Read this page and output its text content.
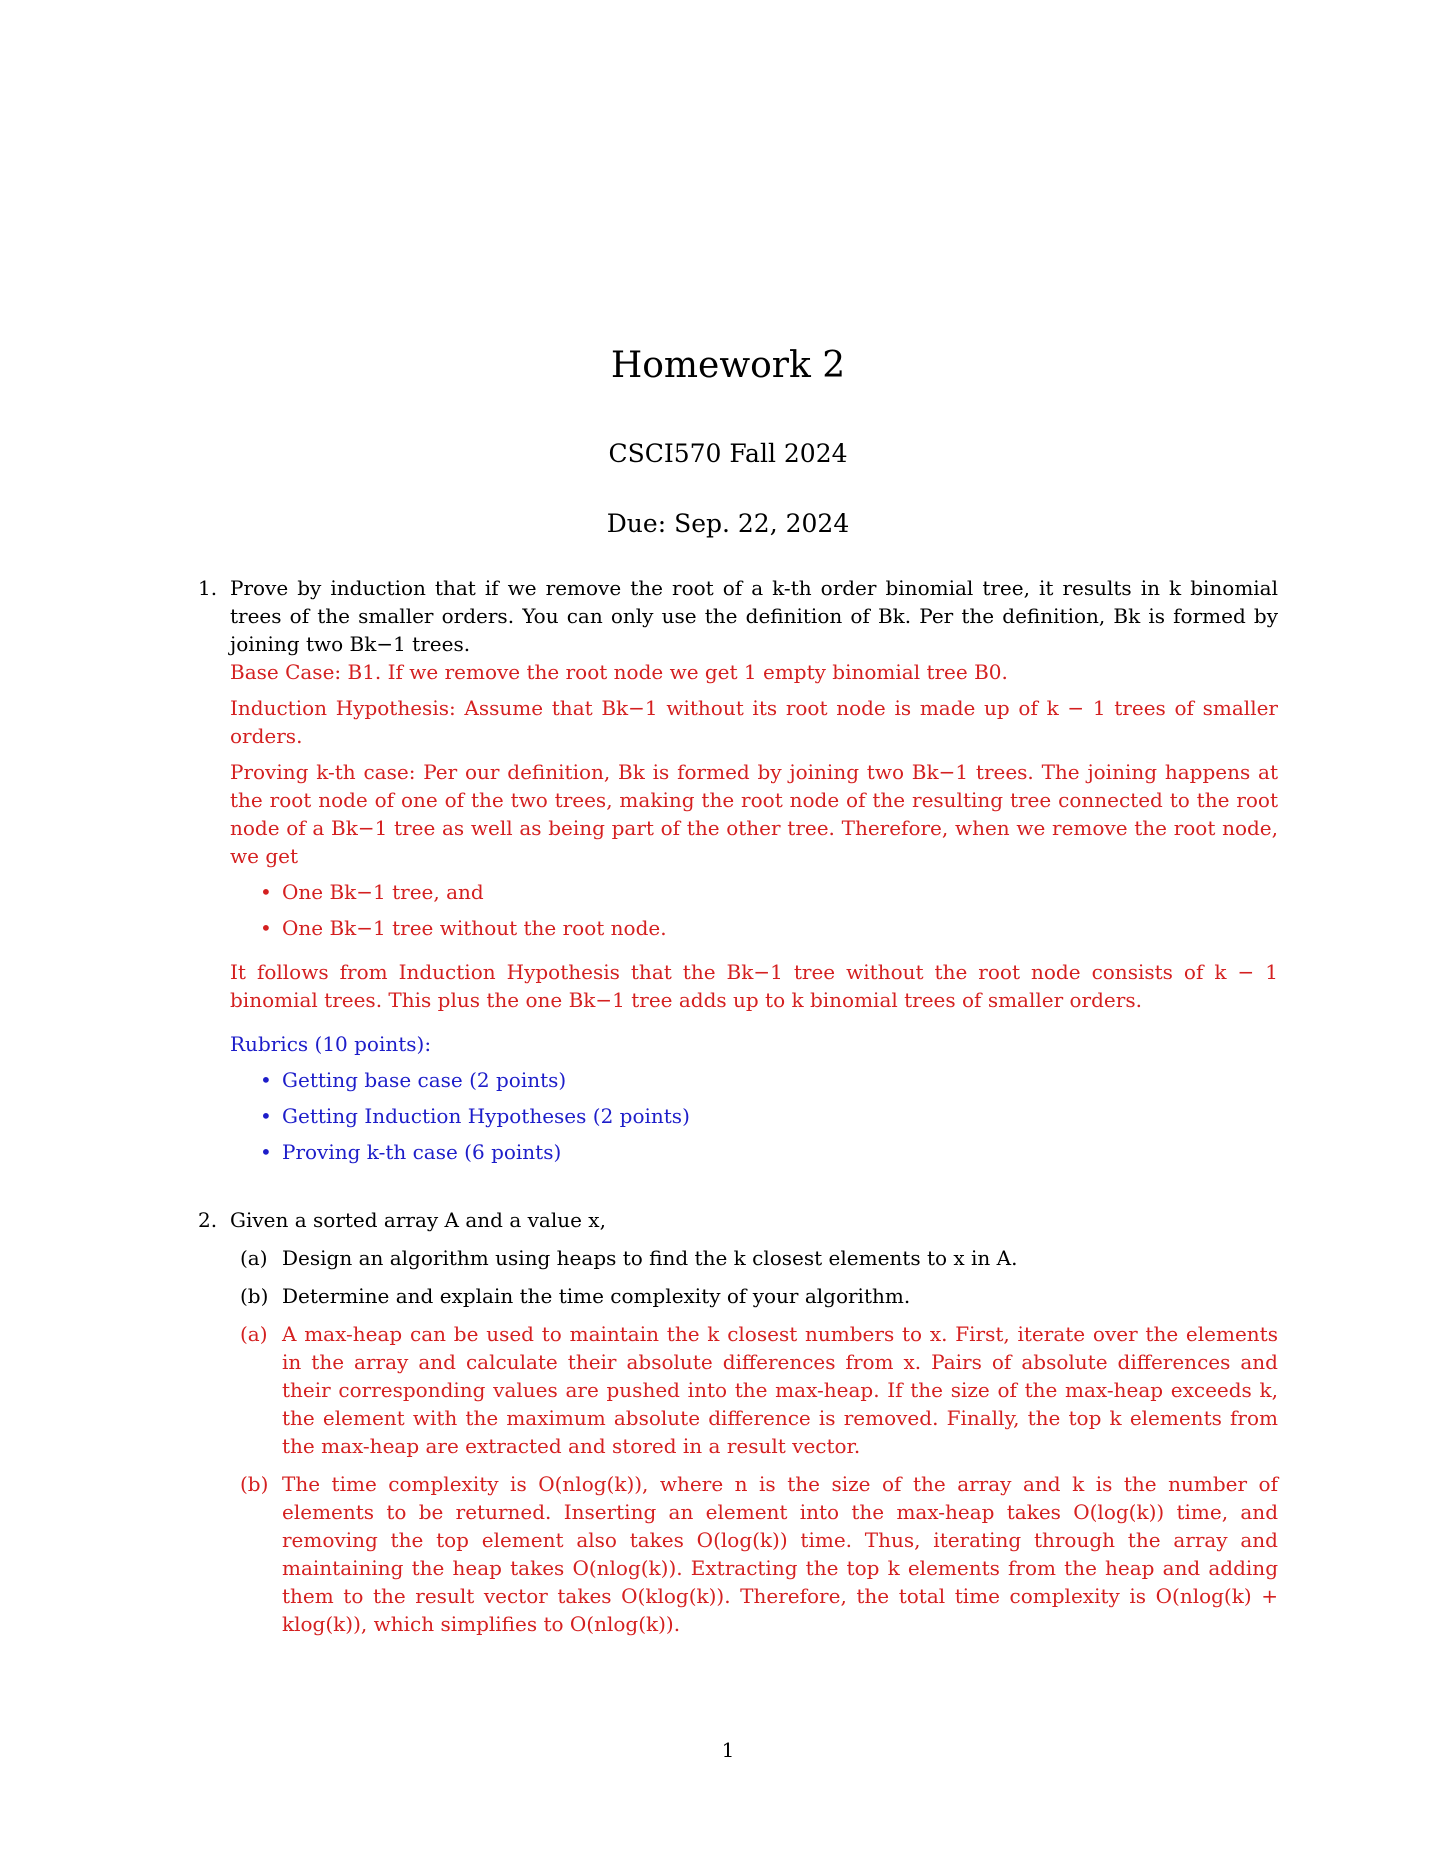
Homework 2
CSCI570 Fall 2024
Due: Sep. 22, 2024
1. Prove by induction that if we remove the root of a k-th order binomial tree, it results in k binomial trees of the smaller orders. You can only use the definition of Bk. Per the definition, Bk is formed by joining two Bk−1 trees.

Base Case: B1. If we remove the root node we get 1 empty binomial tree B0.

Induction Hypothesis: Assume that Bk−1 without its root node is made up of k − 1 trees of smaller orders.

Proving k-th case: Per our definition, Bk is formed by joining two Bk−1 trees. The joining happens at the root node of one of the two trees, making the root node of the resulting tree connected to the root node of a Bk−1 tree as well as being part of the other tree. Therefore, when we remove the root node, we get

• One Bk−1 tree, and
• One Bk−1 tree without the root node.

It follows from Induction Hypothesis that the Bk−1 tree without the root node consists of k − 1 binomial trees. This plus the one Bk−1 tree adds up to k binomial trees of smaller orders.

Rubrics (10 points):

• Getting base case (2 points)
• Getting Induction Hypotheses (2 points)
• Proving k-th case (6 points)
2. Given a sorted array A and a value x,

(a) Design an algorithm using heaps to find the k closest elements to x in A.
(b) Determine and explain the time complexity of your algorithm.
(a) A max-heap can be used to maintain the k closest numbers to x. First, iterate over the elements in the array and calculate their absolute differences from x. Pairs of absolute differences and their corresponding values are pushed into the max-heap. If the size of the max-heap exceeds k, the element with the maximum absolute difference is removed. Finally, the top k elements from the max-heap are extracted and stored in a result vector.
(b) The time complexity is O(nlog(k)), where n is the size of the array and k is the number of elements to be returned. Inserting an element into the max-heap takes O(log(k)) time, and removing the top element also takes O(log(k)) time. Thus, iterating through the array and maintaining the heap takes O(nlog(k)). Extracting the top k elements from the heap and adding them to the result vector takes O(klog(k)). Therefore, the total time complexity is O(nlog(k) + klog(k)), which simplifies to O(nlog(k)).
1
